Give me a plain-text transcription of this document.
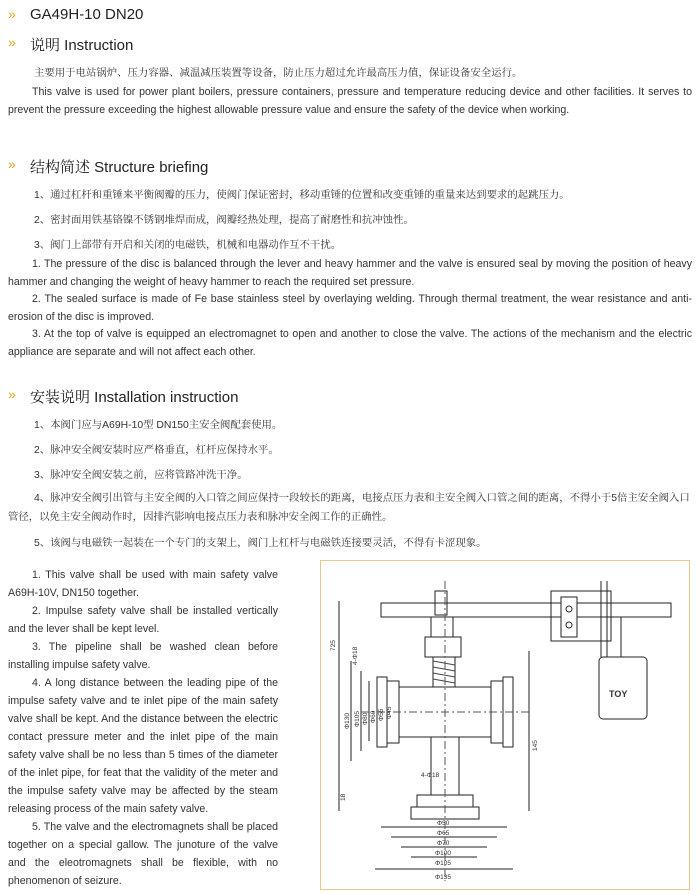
» GA49H-10 DN20
» 说明 Instruction
主要用于电站锅炉、压力容器、减温减压装置等设备，防止压力超过允许最高压力值，保证设备安全运行。
This valve is used for power plant boilers, pressure containers, pressure and temperature reducing device and other facilities. It serves to prevent the pressure exceeding the highest allowable pressure value and ensure the safety of the device when working.
» 结构简述 Structure briefing
1、通过杠杆和重锤来平衡阀瓣的压力，使阀门保证密封，移动重锤的位置和改变重锤的重量来达到要求的起跳压力。
2、密封面用铁基铬镍不锈钢堆焊而成，阀瓣经热处理，提高了耐磨性和抗冲蚀性。
3、阀门上部带有开启和关闭的电磁铁，机械和电器动作互不干扰。
1. The pressure of the disc is balanced through the lever and heavy hammer and the valve is ensured seal by moving the position of heavy hammer and changing the weight of heavy hammer to reach the required set pressure.
2. The sealed surface is made of Fe base stainless steel by overlaying welding. Through thermal treatment, the wear resistance and anti-erosion of the disc is improved.
3. At the top of valve is equipped an electromagnet to open and another to close the valve. The actions of the mechanism and the electric appliance are separate and will not affect each other.
» 安装说明 Installation instruction
1、本阀门应与A69H-10型 DN150主安全阀配套使用。
2、脉冲安全阀安装时应严格垂直，杠杆应保持水平。
3、脉冲安全阀安装之前，应将管路冲洗干净。
4、脉冲安全阀引出管与主安全阀的入口管之间应保持一段较长的距离，电接点压力表和主安全阀入口管之间的距离，不得小于5倍主安全阀入口管径，以免主安全阀动作时，因排汽影响电接点压力表和脉冲安全阀工作的正确性。
5、该阀与电磁铁一起装在一个专门的支架上，阀门上杠杆与电磁铁连接要灵活，不得有卡涩现象。
1. This valve shall be used with main safety valve A69H-10V, DN150 together.
2. Impulse safety valve shall be installed vertically and the lever shall be kept level.
3. The pipeline shall be washed clean before installing impulse safety valve.
4. A long distance between the leading pipe of the impulse safety valve and te inlet pipe of the main safety valve shall be kept. And the distance between the electric contact pressure meter and the inlet pipe of the main safety valve shall be no less than 5 times of the diameter of the inlet pipe, for feat that the validity of the meter and the impulse safety valve may be affected by the steam releasing process of the main safety valve.
5. The valve and the electromagnets shall be placed together on a special gallow. The junoture of the valve and the eleotromagnets shall be flexible, with no phenomenon of seizure.
725
4-Φ18
Φ130 Φ105 Φ80 Φ60 Φ55 Φ45
145
4-Φ18
18
Φ50
Φ65
Φ70
Φ100
Φ105
Φ135
TOY
